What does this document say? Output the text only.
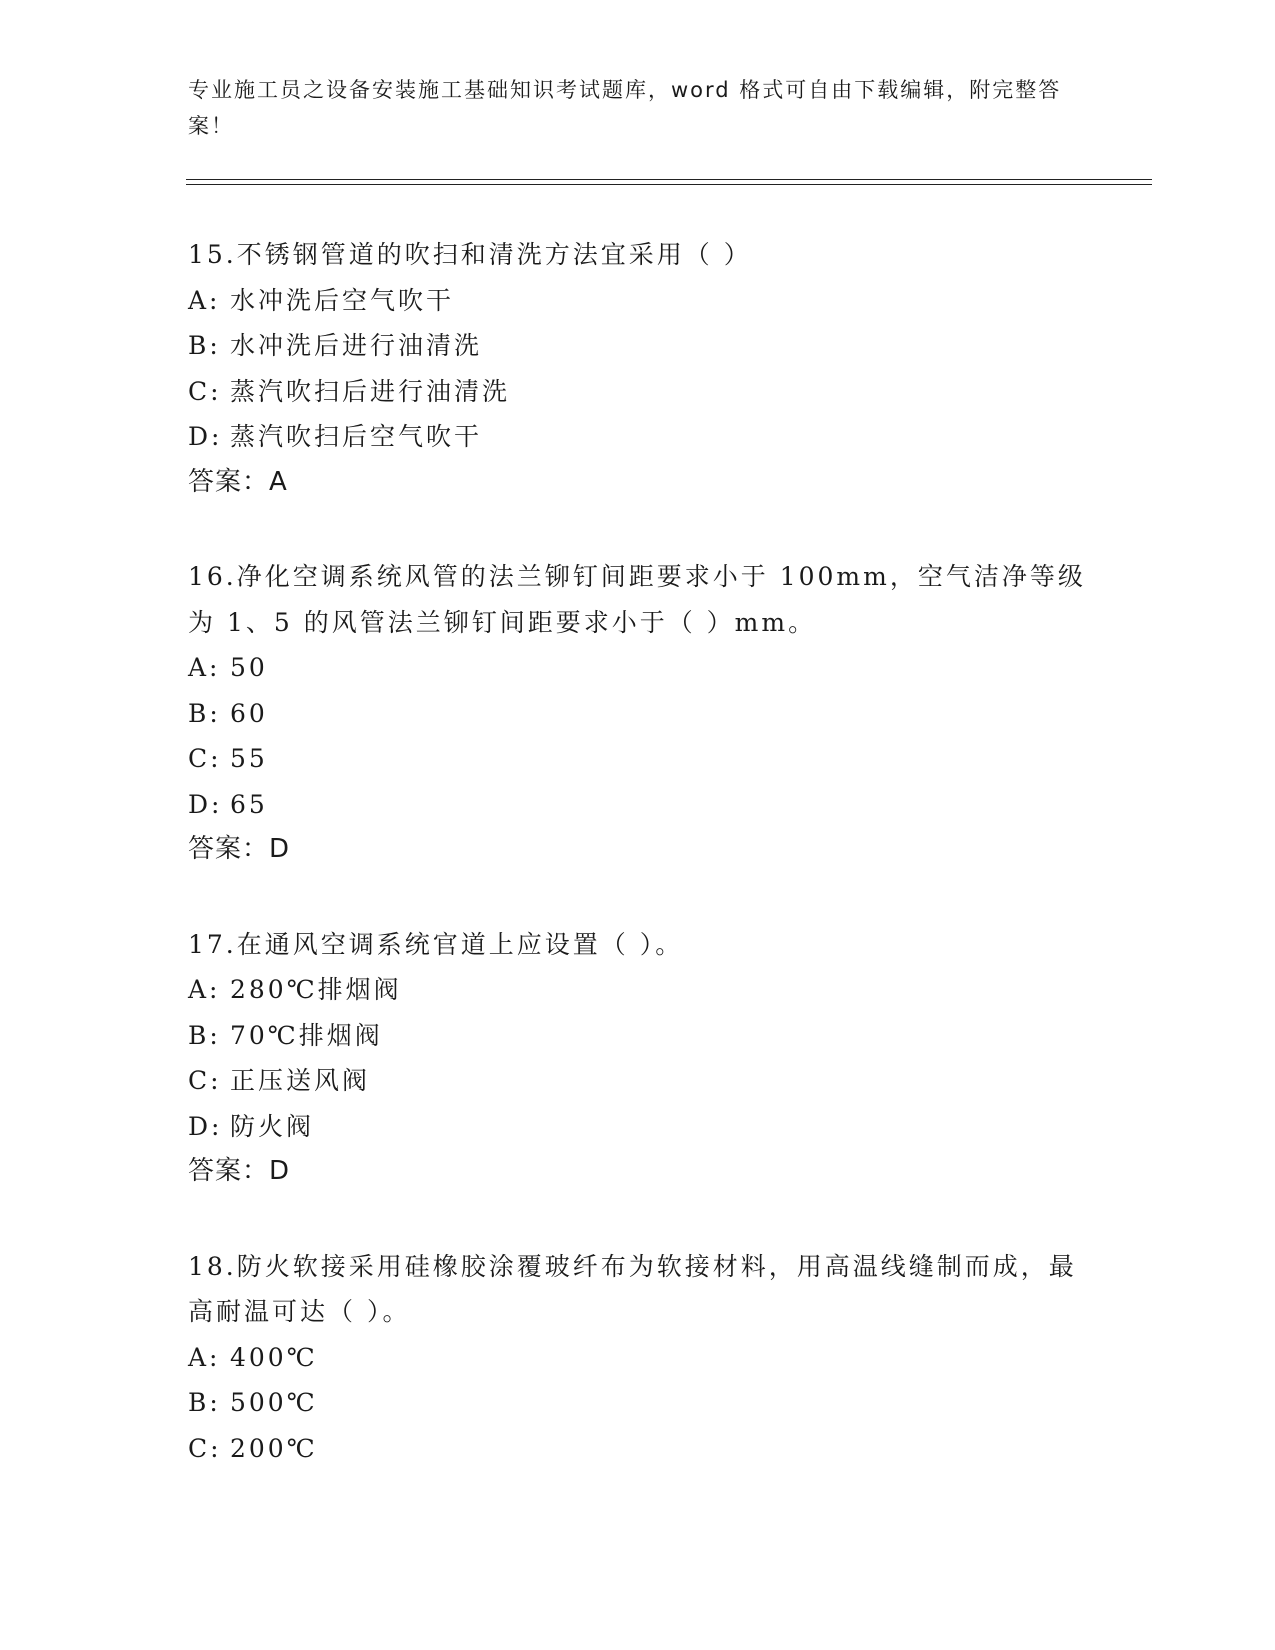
专业施工员之设备安装施工基础知识考试题库，word 格式可自由下载编辑，附完整答案！

15.不锈钢管道的吹扫和清洗方法宜采用（ ）

A: 水冲洗后空气吹干

B: 水冲洗后进行油清洗

C: 蒸汽吹扫后进行油清洗

D: 蒸汽吹扫后空气吹干

答案：A

16.净化空调系统风管的法兰铆钉间距要求小于 100mm，空气洁净等级为 1、5 的风管法兰铆钉间距要求小于（ ）mm。

A: 50

B: 60

C: 55

D: 65

答案：D

17.在通风空调系统官道上应设置（ ）。

A: 280℃排烟阀

B: 70℃排烟阀

C: 正压送风阀

D: 防火阀

答案：D

18.防火软接采用硅橡胶涂覆玻纤布为软接材料，用高温线缝制而成，最高耐温可达（ ）。

A: 400℃

B: 500℃

C: 200℃
